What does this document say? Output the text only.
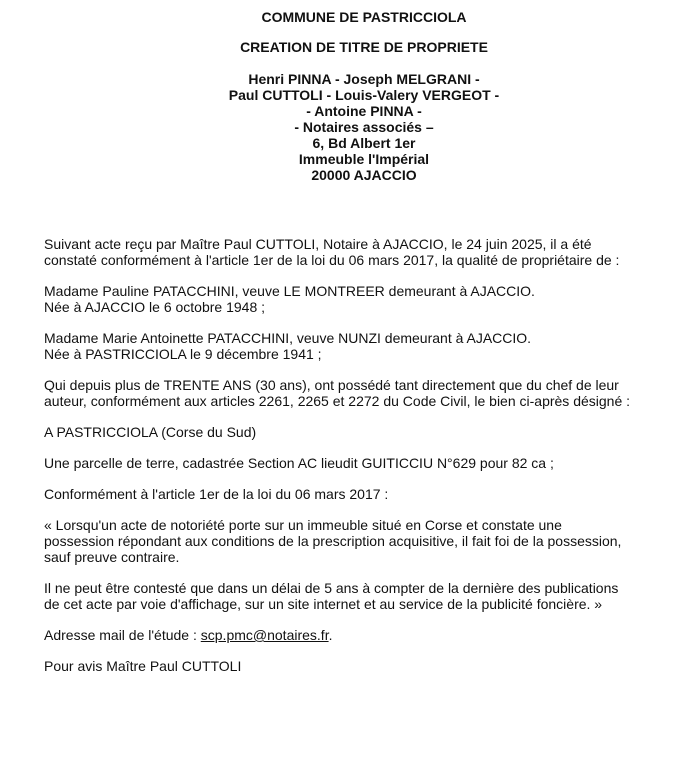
COMMUNE DE PASTRICCIOLA
CREATION DE TITRE DE PROPRIETE
Henri PINNA - Joseph MELGRANI -
Paul CUTTOLI - Louis-Valery VERGEOT -
- Antoine PINNA -
- Notaires associés –
6, Bd Albert 1er
Immeuble l'Impérial
20000 AJACCIO

Suivant acte reçu par Maître Paul CUTTOLI, Notaire à AJACCIO, le 24 juin 2025, il a été
constaté conformément à l'article 1er de la loi du 06 mars 2017, la qualité de propriétaire de :

Madame Pauline PATACCHINI, veuve LE MONTREER demeurant à AJACCIO.
Née à AJACCIO le 6 octobre 1948 ;

Madame Marie Antoinette PATACCHINI, veuve NUNZI demeurant à AJACCIO.
Née à PASTRICCIOLA le 9 décembre 1941 ;

Qui depuis plus de TRENTE ANS (30 ans), ont possédé tant directement que du chef de leur
auteur, conformément aux articles 2261, 2265 et 2272 du Code Civil, le bien ci-après désigné :

A PASTRICCIOLA (Corse du Sud)

Une parcelle de terre, cadastrée Section AC lieudit GUITICCIU N°629 pour 82 ca ;

Conformément à l'article 1er de la loi du 06 mars 2017 :

« Lorsqu'un acte de notoriété porte sur un immeuble situé en Corse et constate une
possession répondant aux conditions de la prescription acquisitive, il fait foi de la possession,
sauf preuve contraire.

Il ne peut être contesté que dans un délai de 5 ans à compter de la dernière des publications
de cet acte par voie d'affichage, sur un site internet et au service de la publicité foncière. »

Adresse mail de l'étude : scp.pmc@notaires.fr.

Pour avis Maître Paul CUTTOLI
